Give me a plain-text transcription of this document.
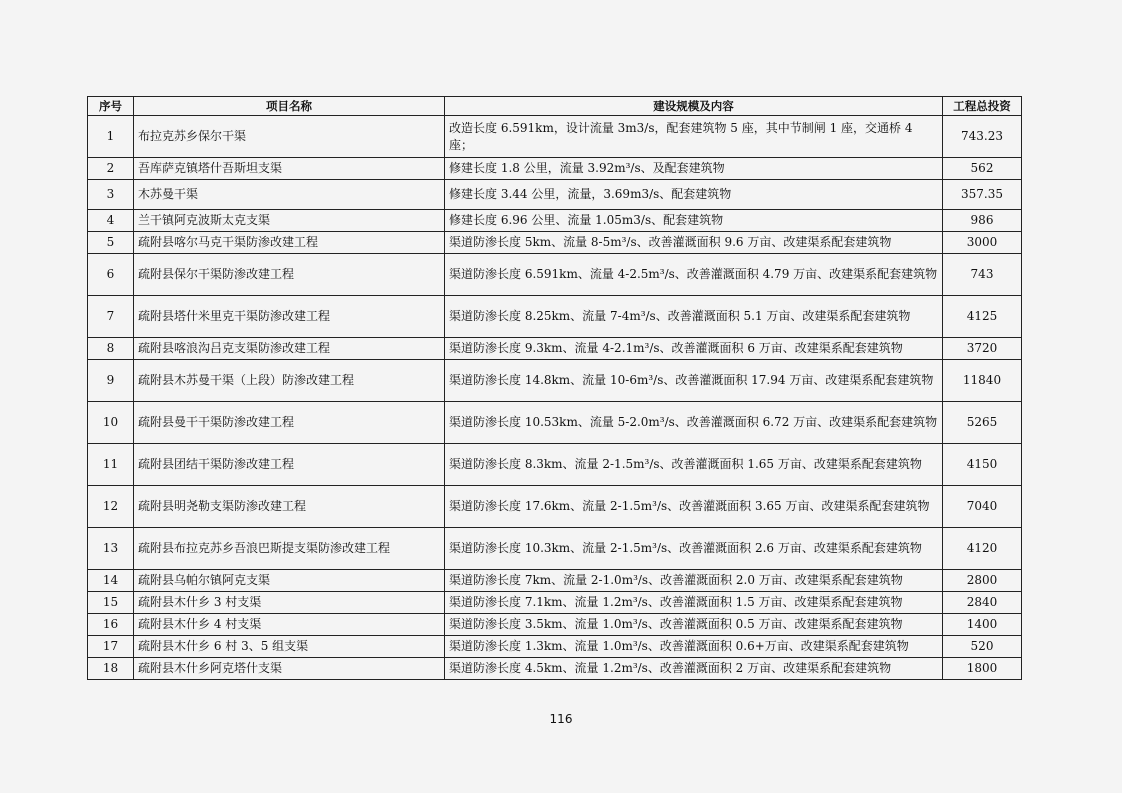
序号	项目名称	建设规模及内容	工程总投资
1	布拉克苏乡保尔干渠	改造长度 6.591km，设计流量 3m3/s，配套建筑物 5 座，其中节制闸 1 座，交通桥 4 座；	743.23
2	吾库萨克镇塔什吾斯坦支渠	修建长度 1.8 公里，流量 3.92m³/s、及配套建筑物	562
3	木苏曼干渠	修建长度 3.44 公里，流量，3.69m3/s、配套建筑物	357.35
4	兰干镇阿克波斯太克支渠	修建长度 6.96 公里、流量 1.05m3/s、配套建筑物	986
5	疏附县喀尔马克干渠防渗改建工程	渠道防渗长度 5km、流量 8-5m³/s、改善灌溉面积 9.6 万亩、改建渠系配套建筑物	3000
6	疏附县保尔干渠防渗改建工程	渠道防渗长度 6.591km、流量 4-2.5m³/s、改善灌溉面积 4.79 万亩、改建渠系配套建筑物	743
7	疏附县塔什米里克干渠防渗改建工程	渠道防渗长度 8.25km、流量 7-4m³/s、改善灌溉面积 5.1 万亩、改建渠系配套建筑物	4125
8	疏附县喀浪沟吕克支渠防渗改建工程	渠道防渗长度 9.3km、流量 4-2.1m³/s、改善灌溉面积 6 万亩、改建渠系配套建筑物	3720
9	疏附县木苏曼干渠（上段）防渗改建工程	渠道防渗长度 14.8km、流量 10-6m³/s、改善灌溉面积 17.94 万亩、改建渠系配套建筑物	11840
10	疏附县曼干干渠防渗改建工程	渠道防渗长度 10.53km、流量 5-2.0m³/s、改善灌溉面积 6.72 万亩、改建渠系配套建筑物	5265
11	疏附县团结干渠防渗改建工程	渠道防渗长度 8.3km、流量 2-1.5m³/s、改善灌溉面积 1.65 万亩、改建渠系配套建筑物	4150
12	疏附县明尧勒支渠防渗改建工程	渠道防渗长度 17.6km、流量 2-1.5m³/s、改善灌溉面积 3.65 万亩、改建渠系配套建筑物	7040
13	疏附县布拉克苏乡吾浪巴斯提支渠防渗改建工程	渠道防渗长度 10.3km、流量 2-1.5m³/s、改善灌溉面积 2.6 万亩、改建渠系配套建筑物	4120
14	疏附县乌帕尔镇阿克支渠	渠道防渗长度 7km、流量 2-1.0m³/s、改善灌溉面积 2.0 万亩、改建渠系配套建筑物	2800
15	疏附县木什乡 3 村支渠	渠道防渗长度 7.1km、流量 1.2m³/s、改善灌溉面积 1.5 万亩、改建渠系配套建筑物	2840
16	疏附县木什乡 4 村支渠	渠道防渗长度 3.5km、流量 1.0m³/s、改善灌溉面积 0.5 万亩、改建渠系配套建筑物	1400
17	疏附县木什乡 6 村 3、5 组支渠	渠道防渗长度 1.3km、流量 1.0m³/s、改善灌溉面积 0.6+万亩、改建渠系配套建筑物	520
18	疏附县木什乡阿克塔什支渠	渠道防渗长度 4.5km、流量 1.2m³/s、改善灌溉面积 2 万亩、改建渠系配套建筑物	1800
116
